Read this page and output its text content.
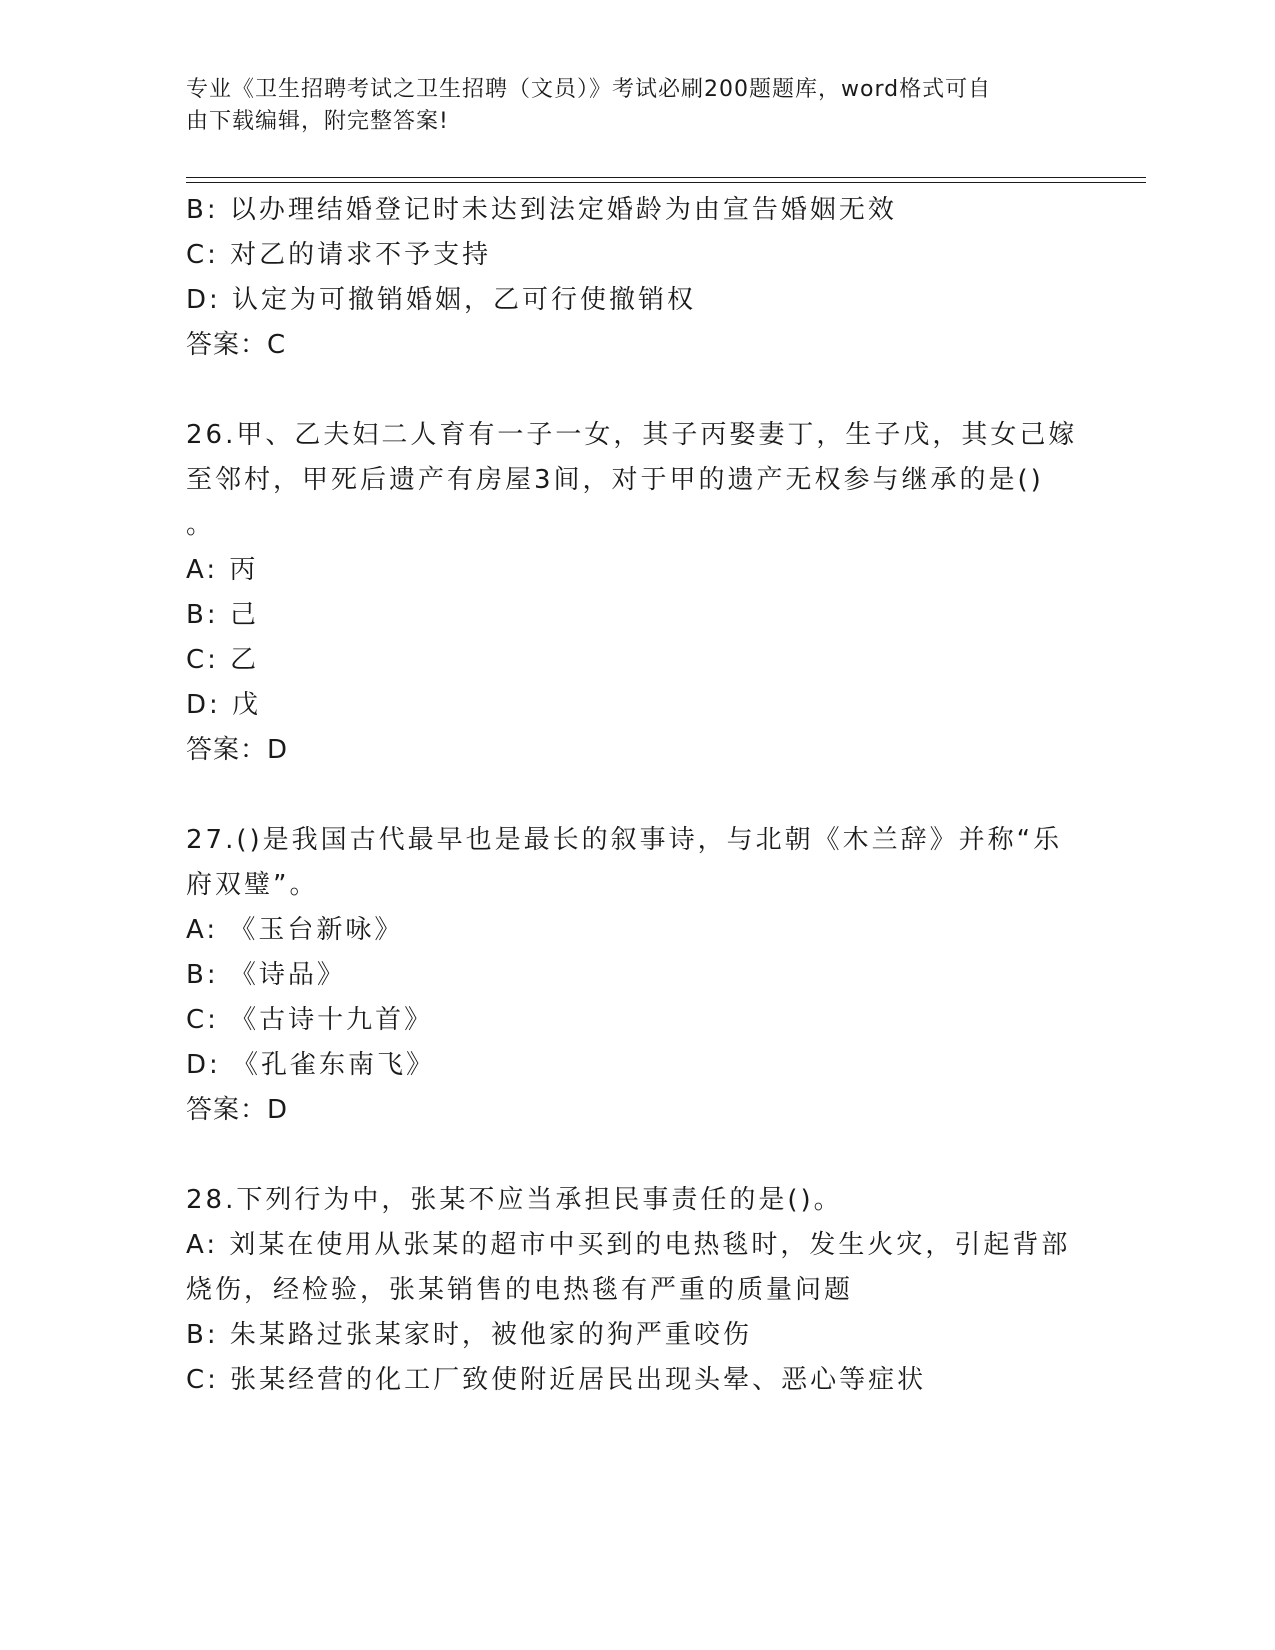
专业《卫生招聘考试之卫生招聘（文员）》考试必刷200题题库，word格式可自
由下载编辑，附完整答案!
B: 以办理结婚登记时未达到法定婚龄为由宣告婚姻无效
C: 对乙的请求不予支持
D: 认定为可撤销婚姻，乙可行使撤销权
答案：C
26.甲、乙夫妇二人育有一子一女，其子丙娶妻丁，生子戊，其女己嫁
至邻村，甲死后遗产有房屋3间，对于甲的遗产无权参与继承的是()
。
A: 丙
B: 己
C: 乙
D: 戊
答案：D
27.()是我国古代最早也是最长的叙事诗，与北朝《木兰辞》并称“乐
府双璧”。
A: 《玉台新咏》
B: 《诗品》
C: 《古诗十九首》
D: 《孔雀东南飞》
答案：D
28.下列行为中，张某不应当承担民事责任的是()。
A: 刘某在使用从张某的超市中买到的电热毯时，发生火灾，引起背部
烧伤，经检验，张某销售的电热毯有严重的质量问题
B: 朱某路过张某家时，被他家的狗严重咬伤
C: 张某经营的化工厂致使附近居民出现头晕、恶心等症状
